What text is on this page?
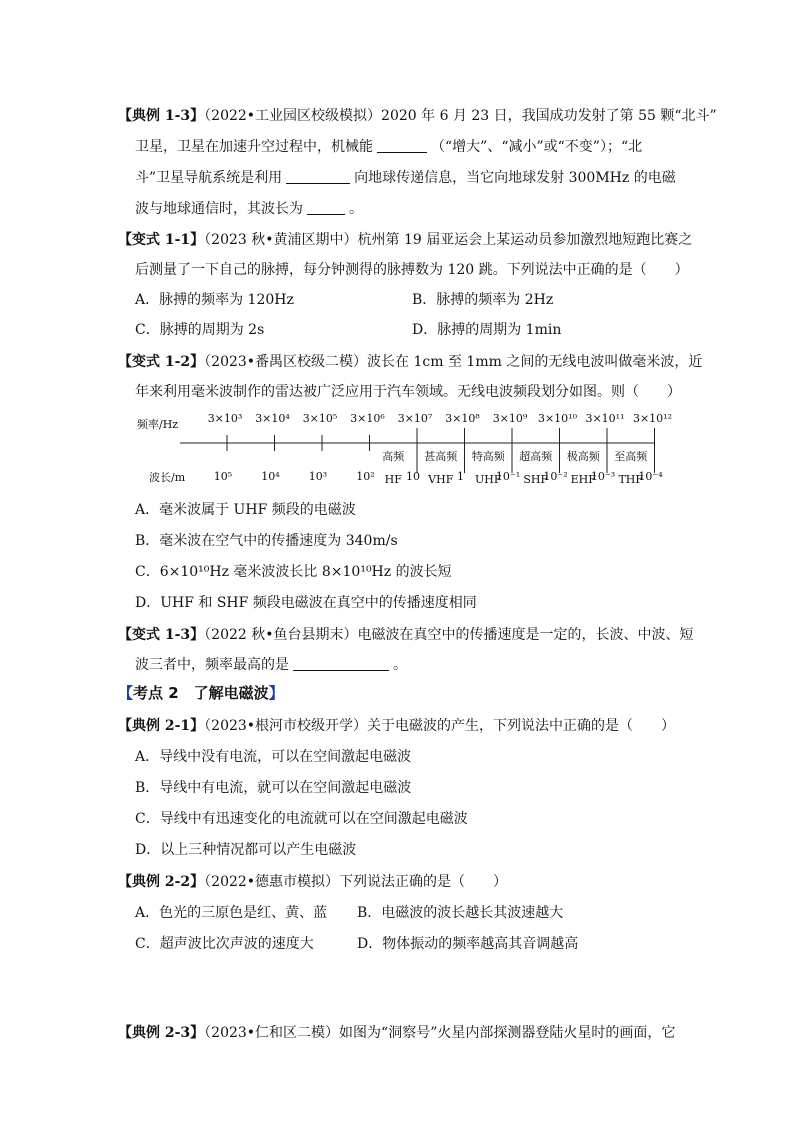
【典例 1-3】（2022•工业园区校级模拟）2020 年 6 月 23 日，我国成功发射了第 55 颗“北斗”
卫星，卫星在加速升空过程中，机械能	（“增大”、“减小”或“不变”）；“北
斗”卫星导航系统是利用	向地球传递信息，当它向地球发射 300MHz 的电磁
波与地球通信时，其波长为	。
【变式 1-1】（2023 秋•黄浦区期中）杭州第 19 届亚运会上某运动员参加激烈地短跑比赛之
后测量了一下自己的脉搏，每分钟测得的脉搏数为 120 跳。下列说法中正确的是（　　）
A．脉搏的频率为 120Hz	B．脉搏的频率为 2Hz
C．脉搏的周期为 2s	D．脉搏的周期为 1min
【变式 1-2】（2023•番禺区校级二模）波长在 1cm 至 1mm 之间的无线电波叫做毫米波，近
年来利用毫米波制作的雷达被广泛应用于汽车领域。无线电波频段划分如图。则（　　）
频率/Hz
波长/m
3×10³
10⁵
3×10⁴
10⁴
3×10⁵
10³
3×10⁶
10²
3×10⁷
10
3×10⁸
1
3×10⁹
10⁻¹
3×10¹⁰
10⁻²
3×10¹¹
10⁻³
3×10¹²
10⁻⁴
高频
HF
甚高频
VHF
特高频
UHF
超高频
SHF
极高频
EHF
至高频
THF
A．毫米波属于 UHF 频段的电磁波
B．毫米波在空气中的传播速度为 340m/s
C．6×10¹⁰Hz 毫米波波长比 8×10¹⁰Hz 的波长短
D．UHF 和 SHF 频段电磁波在真空中的传播速度相同
【变式 1-3】（2022 秋•鱼台县期末）电磁波在真空中的传播速度是一定的，长波、中波、短
波三者中，频率最高的是	。
【考点 2　了解电磁波】
【典例 2-1】（2023•根河市校级开学）关于电磁波的产生，下列说法中正确的是（　　）
A．导线中没有电流，可以在空间激起电磁波
B．导线中有电流，就可以在空间激起电磁波
C．导线中有迅速变化的电流就可以在空间激起电磁波
D．以上三种情况都可以产生电磁波
【典例 2-2】（2022•德惠市模拟）下列说法正确的是（　　）
A．色光的三原色是红、黄、蓝 B．电磁波的波长越长其波速越大
C．超声波比次声波的速度大	D．物体振动的频率越高其音调越高
【典例 2-3】（2023•仁和区二模）如图为“洞察号”火星内部探测器登陆火星时的画面，它
